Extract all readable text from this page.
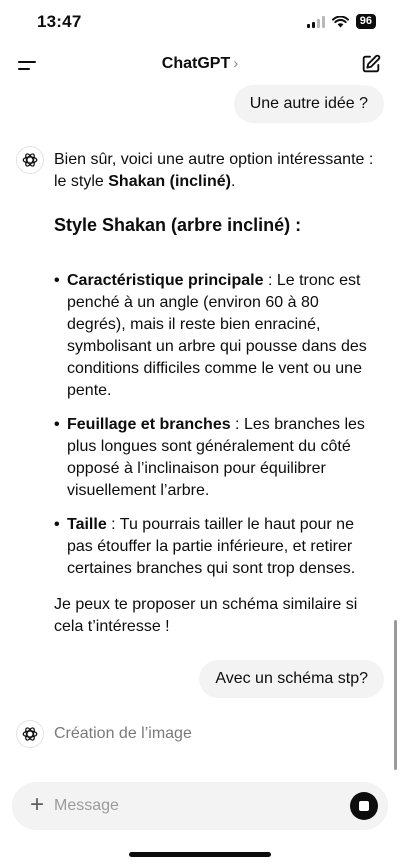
13:47	96
ChatGPT ›
Une autre idée ?
Bien sûr, voici une autre option intéressante : le style Shakan (incliné).
Style Shakan (arbre incliné) :
• Caractéristique principale : Le tronc est penché à un angle (environ 60 à 80 degrés), mais il reste bien enraciné, symbolisant un arbre qui pousse dans des conditions difficiles comme le vent ou une pente.
• Feuillage et branches : Les branches les plus longues sont généralement du côté opposé à l’inclinaison pour équilibrer visuellement l’arbre.
• Taille : Tu pourrais tailler le haut pour ne pas étouffer la partie inférieure, et retirer certaines branches qui sont trop denses.
Je peux te proposer un schéma similaire si cela t’intéresse !
Avec un schéma stp?
Création de l’image
+
Message
